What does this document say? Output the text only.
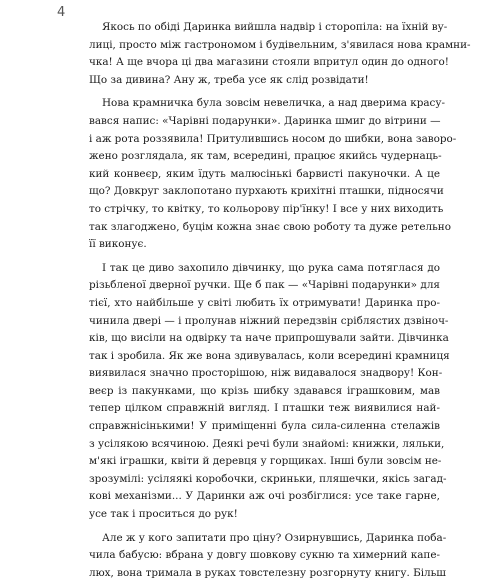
4
Якось по обіді Даринка вийшла надвір і сторопіла: на їхній ву-
лиці, просто між гастрономом і будівельним, з'явилася нова крамни-
чка! А ще вчора ці два магазини стояли впритул один до одного!
Що за дивина? Ану ж, треба усе як слід розвідати!
Нова крамничка була зовсім невеличка, а над дверима красу-
вався напис: «Чарівні подарунки». Даринка шмиг до вітрини —
і аж рота роззявила! Притулившись носом до шибки, вона заворо-
жено розглядала, як там, всередині, працює якийсь чудернаць-
кий конвеєр, яким їдуть малюсінькі барвисті пакуночки. А це
що? Довкруг заклопотано пурхають крихітні пташки, підносячи
то стрічку, то квітку, то кольорову пір'їнку! І все у них виходить
так злагоджено, буцім кожна знає свою роботу та дуже ретельно
її виконує.
І так це диво захопило дівчинку, що рука сама потяглася до
різьбленої дверної ручки. Ще б пак — «Чарівні подарунки» для
тієї, хто найбільше у світі любить їх отримувати! Даринка про-
чинила двері — і пролунав ніжний передзвін сріблястих дзвіноч-
ків, що висіли на одвірку та наче припрошували зайти. Дівчинка
так і зробила. Як же вона здивувалась, коли всередині крамниця
виявилася значно просторішою, ніж видавалося знадвору! Кон-
веєр із пакунками, що крізь шибку здавався іграшковим, мав
тепер цілком справжній вигляд. І пташки теж виявилися най-
справжнісінькими! У приміщенні була сила-силенна стелажів
з усілякою всячиною. Деякі речі були знайомі: книжки, ляльки,
м'які іграшки, квіти й деревця у горщиках. Інші були зовсім не-
зрозумілі: усіляякі коробочки, скриньки, пляшечки, якісь загад-
кові механізми... У Даринки аж очі розбіглися: усе таке гарне,
усе так і проситься до рук!
Але ж у кого запитати про ціну? Озирнувшись, Даринка поба-
чила бабусю: вбрана у довгу шовкову сукню та химерний капе-
люх, вона тримала в руках товстелезну розгорнуту книгу. Більш
